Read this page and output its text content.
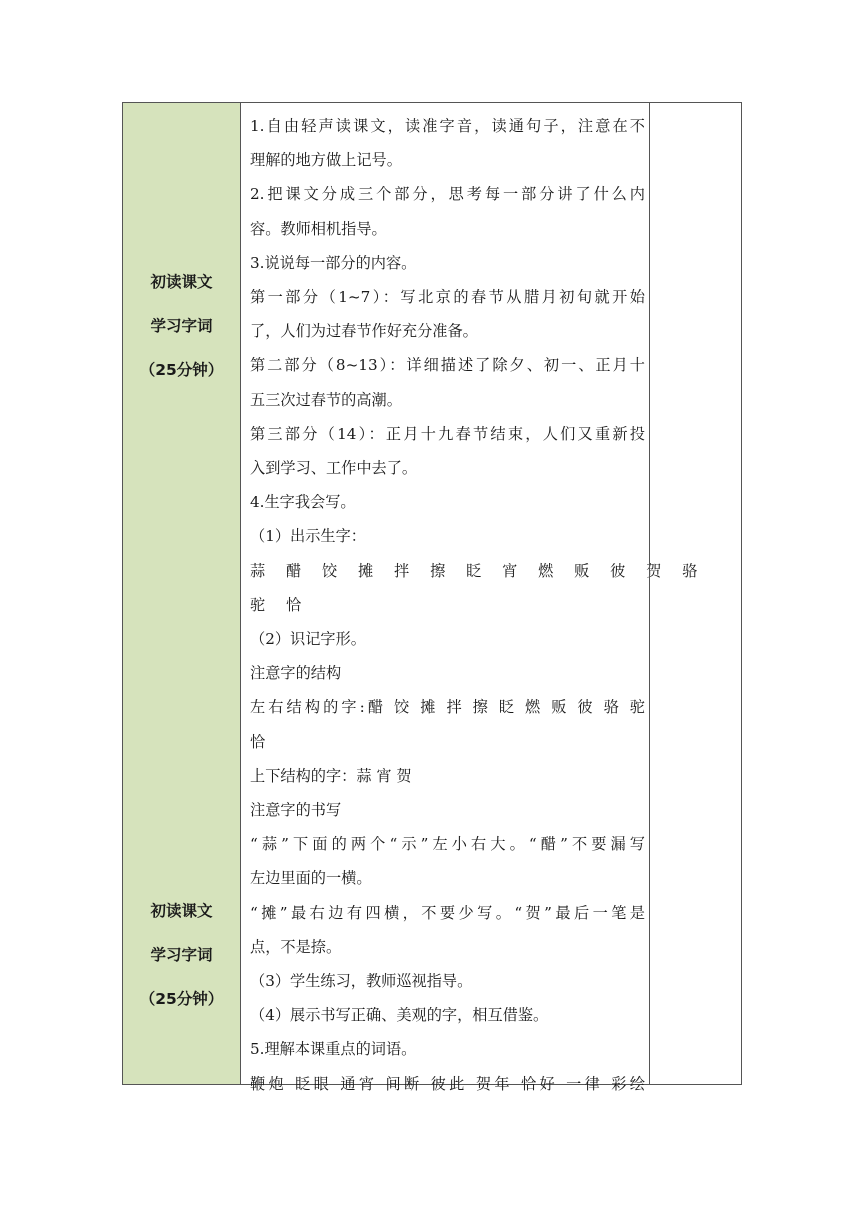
初读课文
学习字词
（25分钟）
初读课文
学习字词
（25分钟）

1.自由轻声读课文，读准字音，读通句子，注意在不

理解的地方做上记号。

2.把课文分成三个部分，思考每一部分讲了什么内

容。教师相机指导。

3.说说每一部分的内容。

第一部分（1~7）：写北京的春节从腊月初旬就开始

了，人们为过春节作好充分准备。

第二部分（8~13）：详细描述了除夕、初一、正月十

五三次过春节的高潮。

第三部分（14）：正月十九春节结束，人们又重新投

入到学习、工作中去了。

4.生字我会写。

（1）出示生字：

蒜 醋 饺 摊 拌 擦 眨 宵 燃 贩 彼 贺 骆

驼 恰

（2）识记字形。

注意字的结构

左右结构的字:醋 饺 摊 拌 擦 眨 燃 贩 彼 骆 驼

恰

上下结构的字：蒜 宵 贺

注意字的书写

“蒜”下面的两个“示”左小右大。“醋”不要漏写

左边里面的一横。

“摊”最右边有四横，不要少写。“贺”最后一笔是

点，不是捺。

（3）学生练习，教师巡视指导。

（4）展示书写正确、美观的字，相互借鉴。

5.理解本课重点的词语。

鞭炮 眨眼 通宵 间断 彼此 贺年 恰好 一律 彩绘
